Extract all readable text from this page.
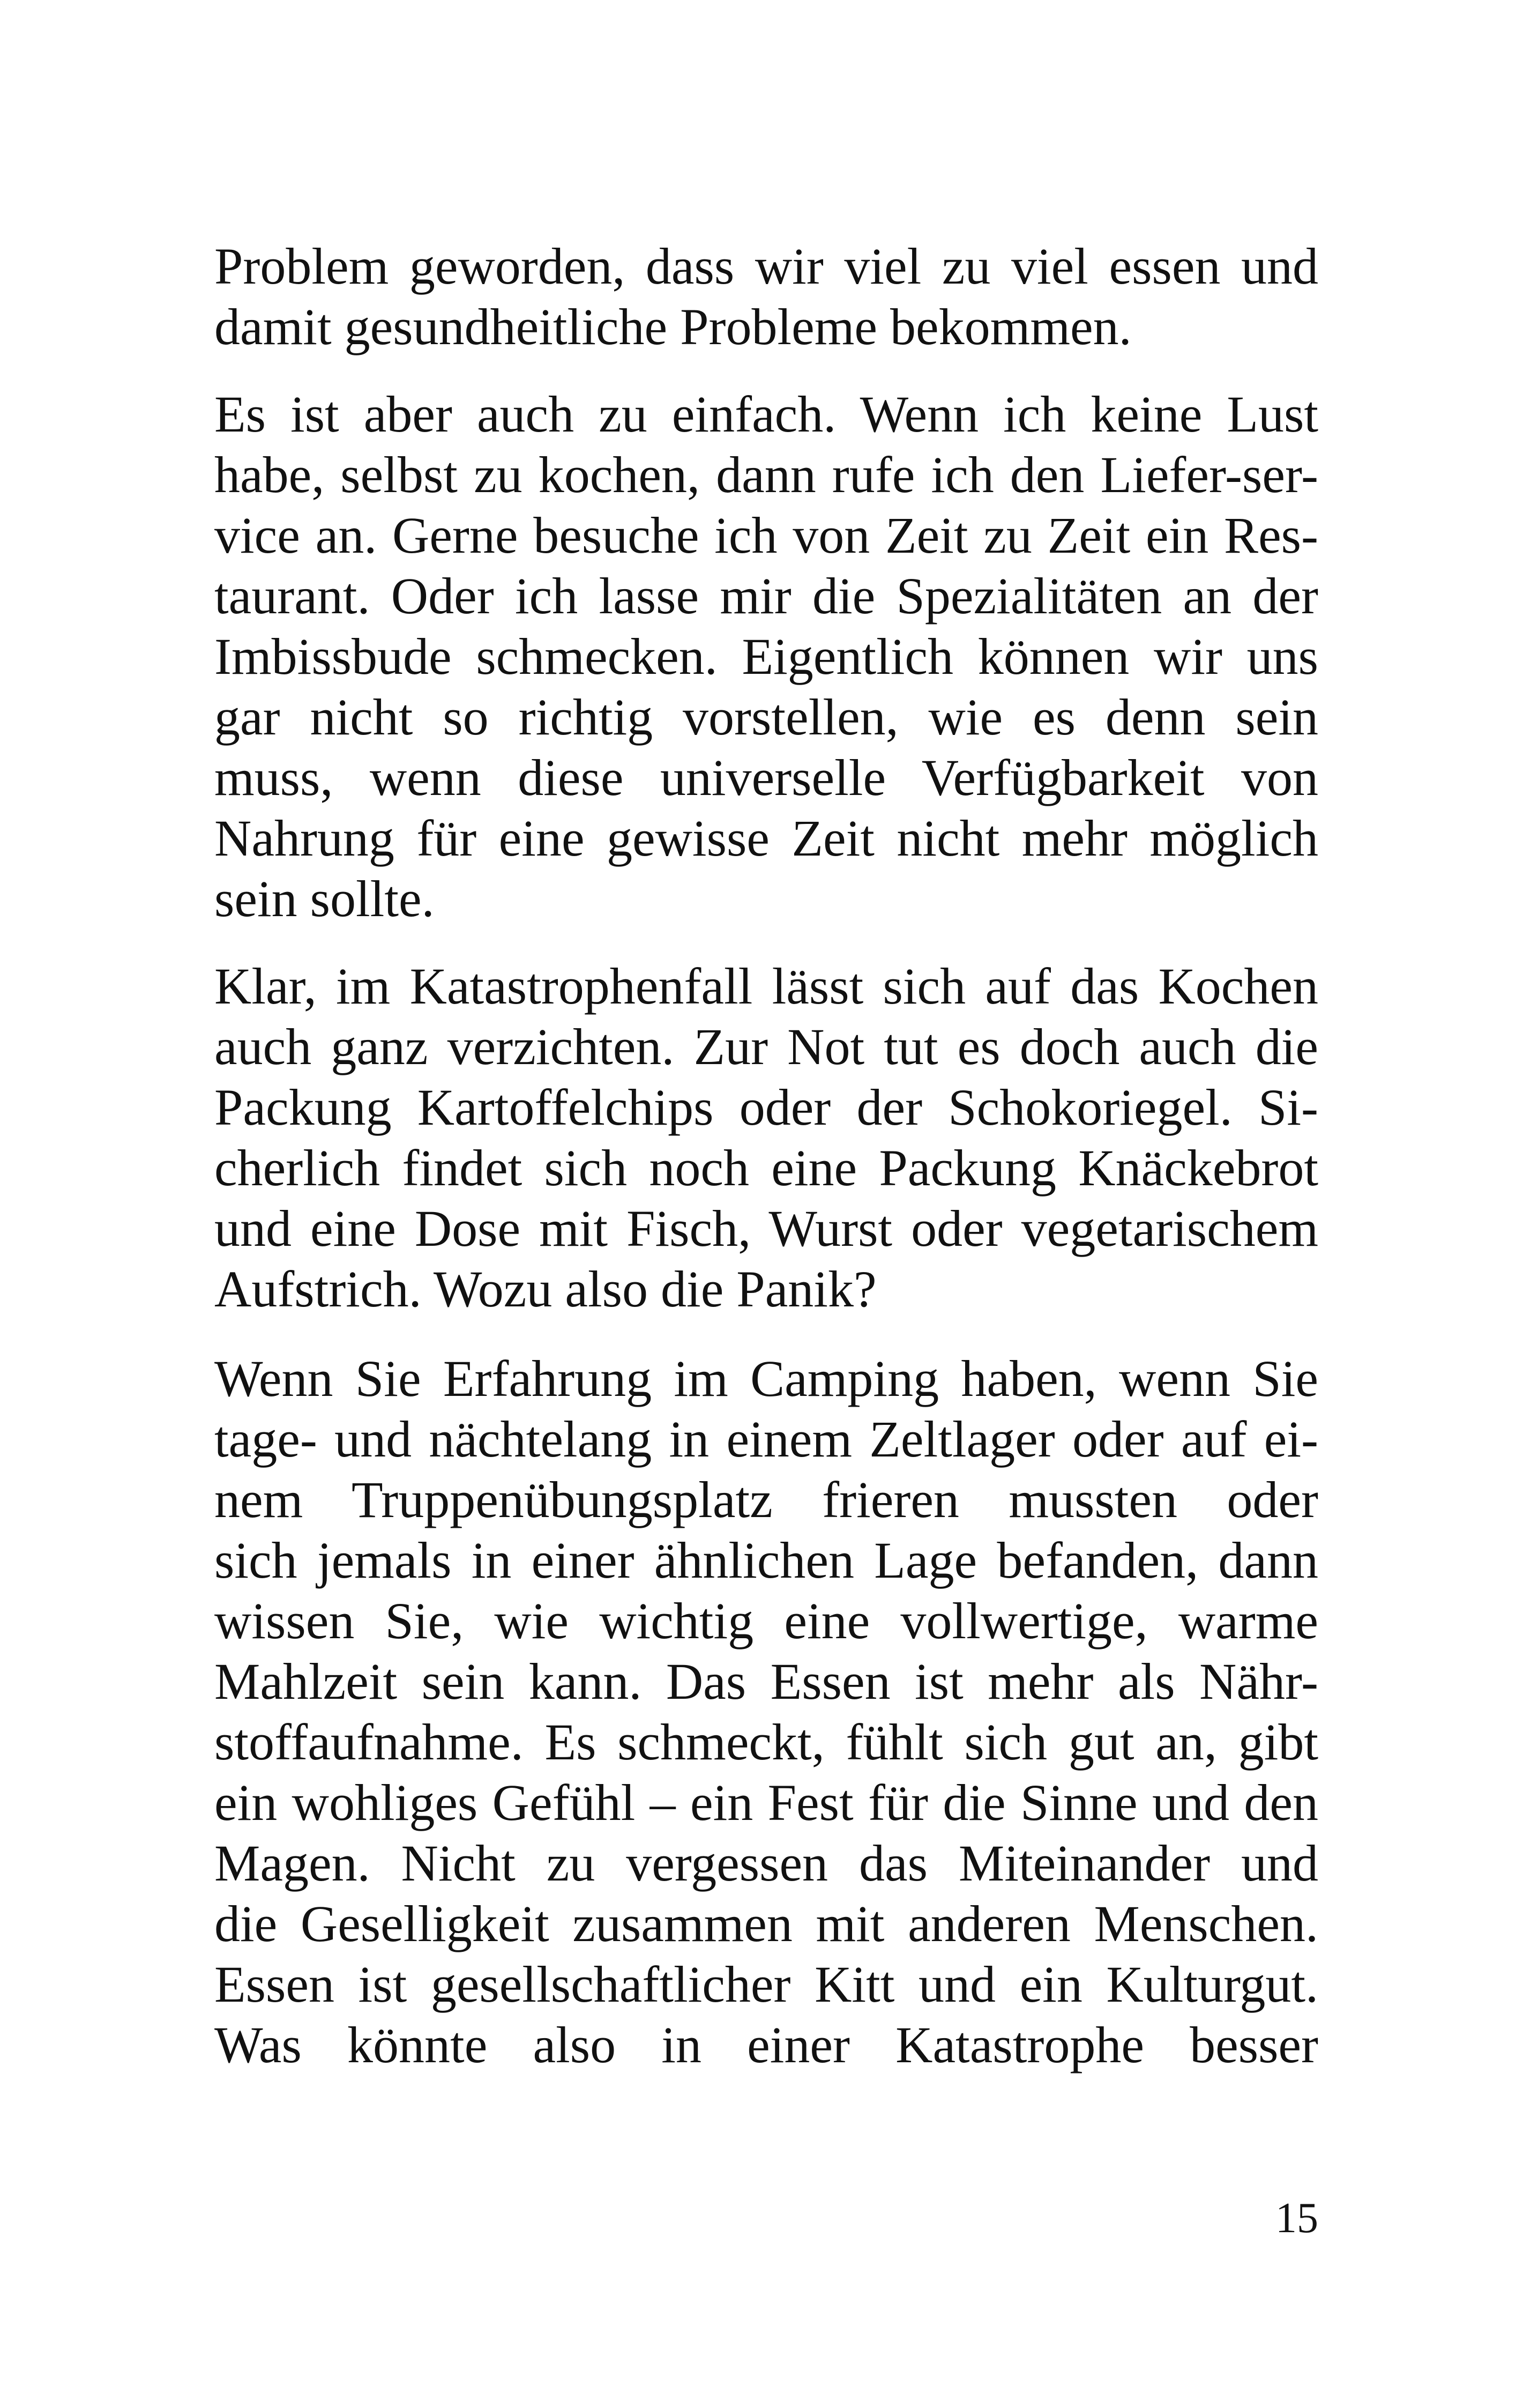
Problem geworden, dass wir viel zu viel essen und
damit gesundheitliche Probleme bekommen.
Es ist aber auch zu einfach. Wenn ich keine Lust
habe, selbst zu kochen, dann rufe ich den Liefer-ser-
vice an. Gerne besuche ich von Zeit zu Zeit ein Res-
taurant. Oder ich lasse mir die Spezialitäten an der
Imbissbude schmecken. Eigentlich können wir uns
gar nicht so richtig vorstellen, wie es denn sein
muss, wenn diese universelle Verfügbarkeit von
Nahrung für eine gewisse Zeit nicht mehr möglich
sein sollte.
Klar, im Katastrophenfall lässt sich auf das Kochen
auch ganz verzichten. Zur Not tut es doch auch die
Packung Kartoffelchips oder der Schokoriegel. Si-
cherlich findet sich noch eine Packung Knäckebrot
und eine Dose mit Fisch, Wurst oder vegetarischem
Aufstrich. Wozu also die Panik?
Wenn Sie Erfahrung im Camping haben, wenn Sie
tage- und nächtelang in einem Zeltlager oder auf ei-
nem Truppenübungsplatz frieren mussten oder
sich jemals in einer ähnlichen Lage befanden, dann
wissen Sie, wie wichtig eine vollwertige, warme
Mahlzeit sein kann. Das Essen ist mehr als Nähr-
stoffaufnahme. Es schmeckt, fühlt sich gut an, gibt
ein wohliges Gefühl – ein Fest für die Sinne und den
Magen. Nicht zu vergessen das Miteinander und
die Geselligkeit zusammen mit anderen Menschen.
Essen ist gesellschaftlicher Kitt und ein Kulturgut.
Was könnte also in einer Katastrophe besser
15
